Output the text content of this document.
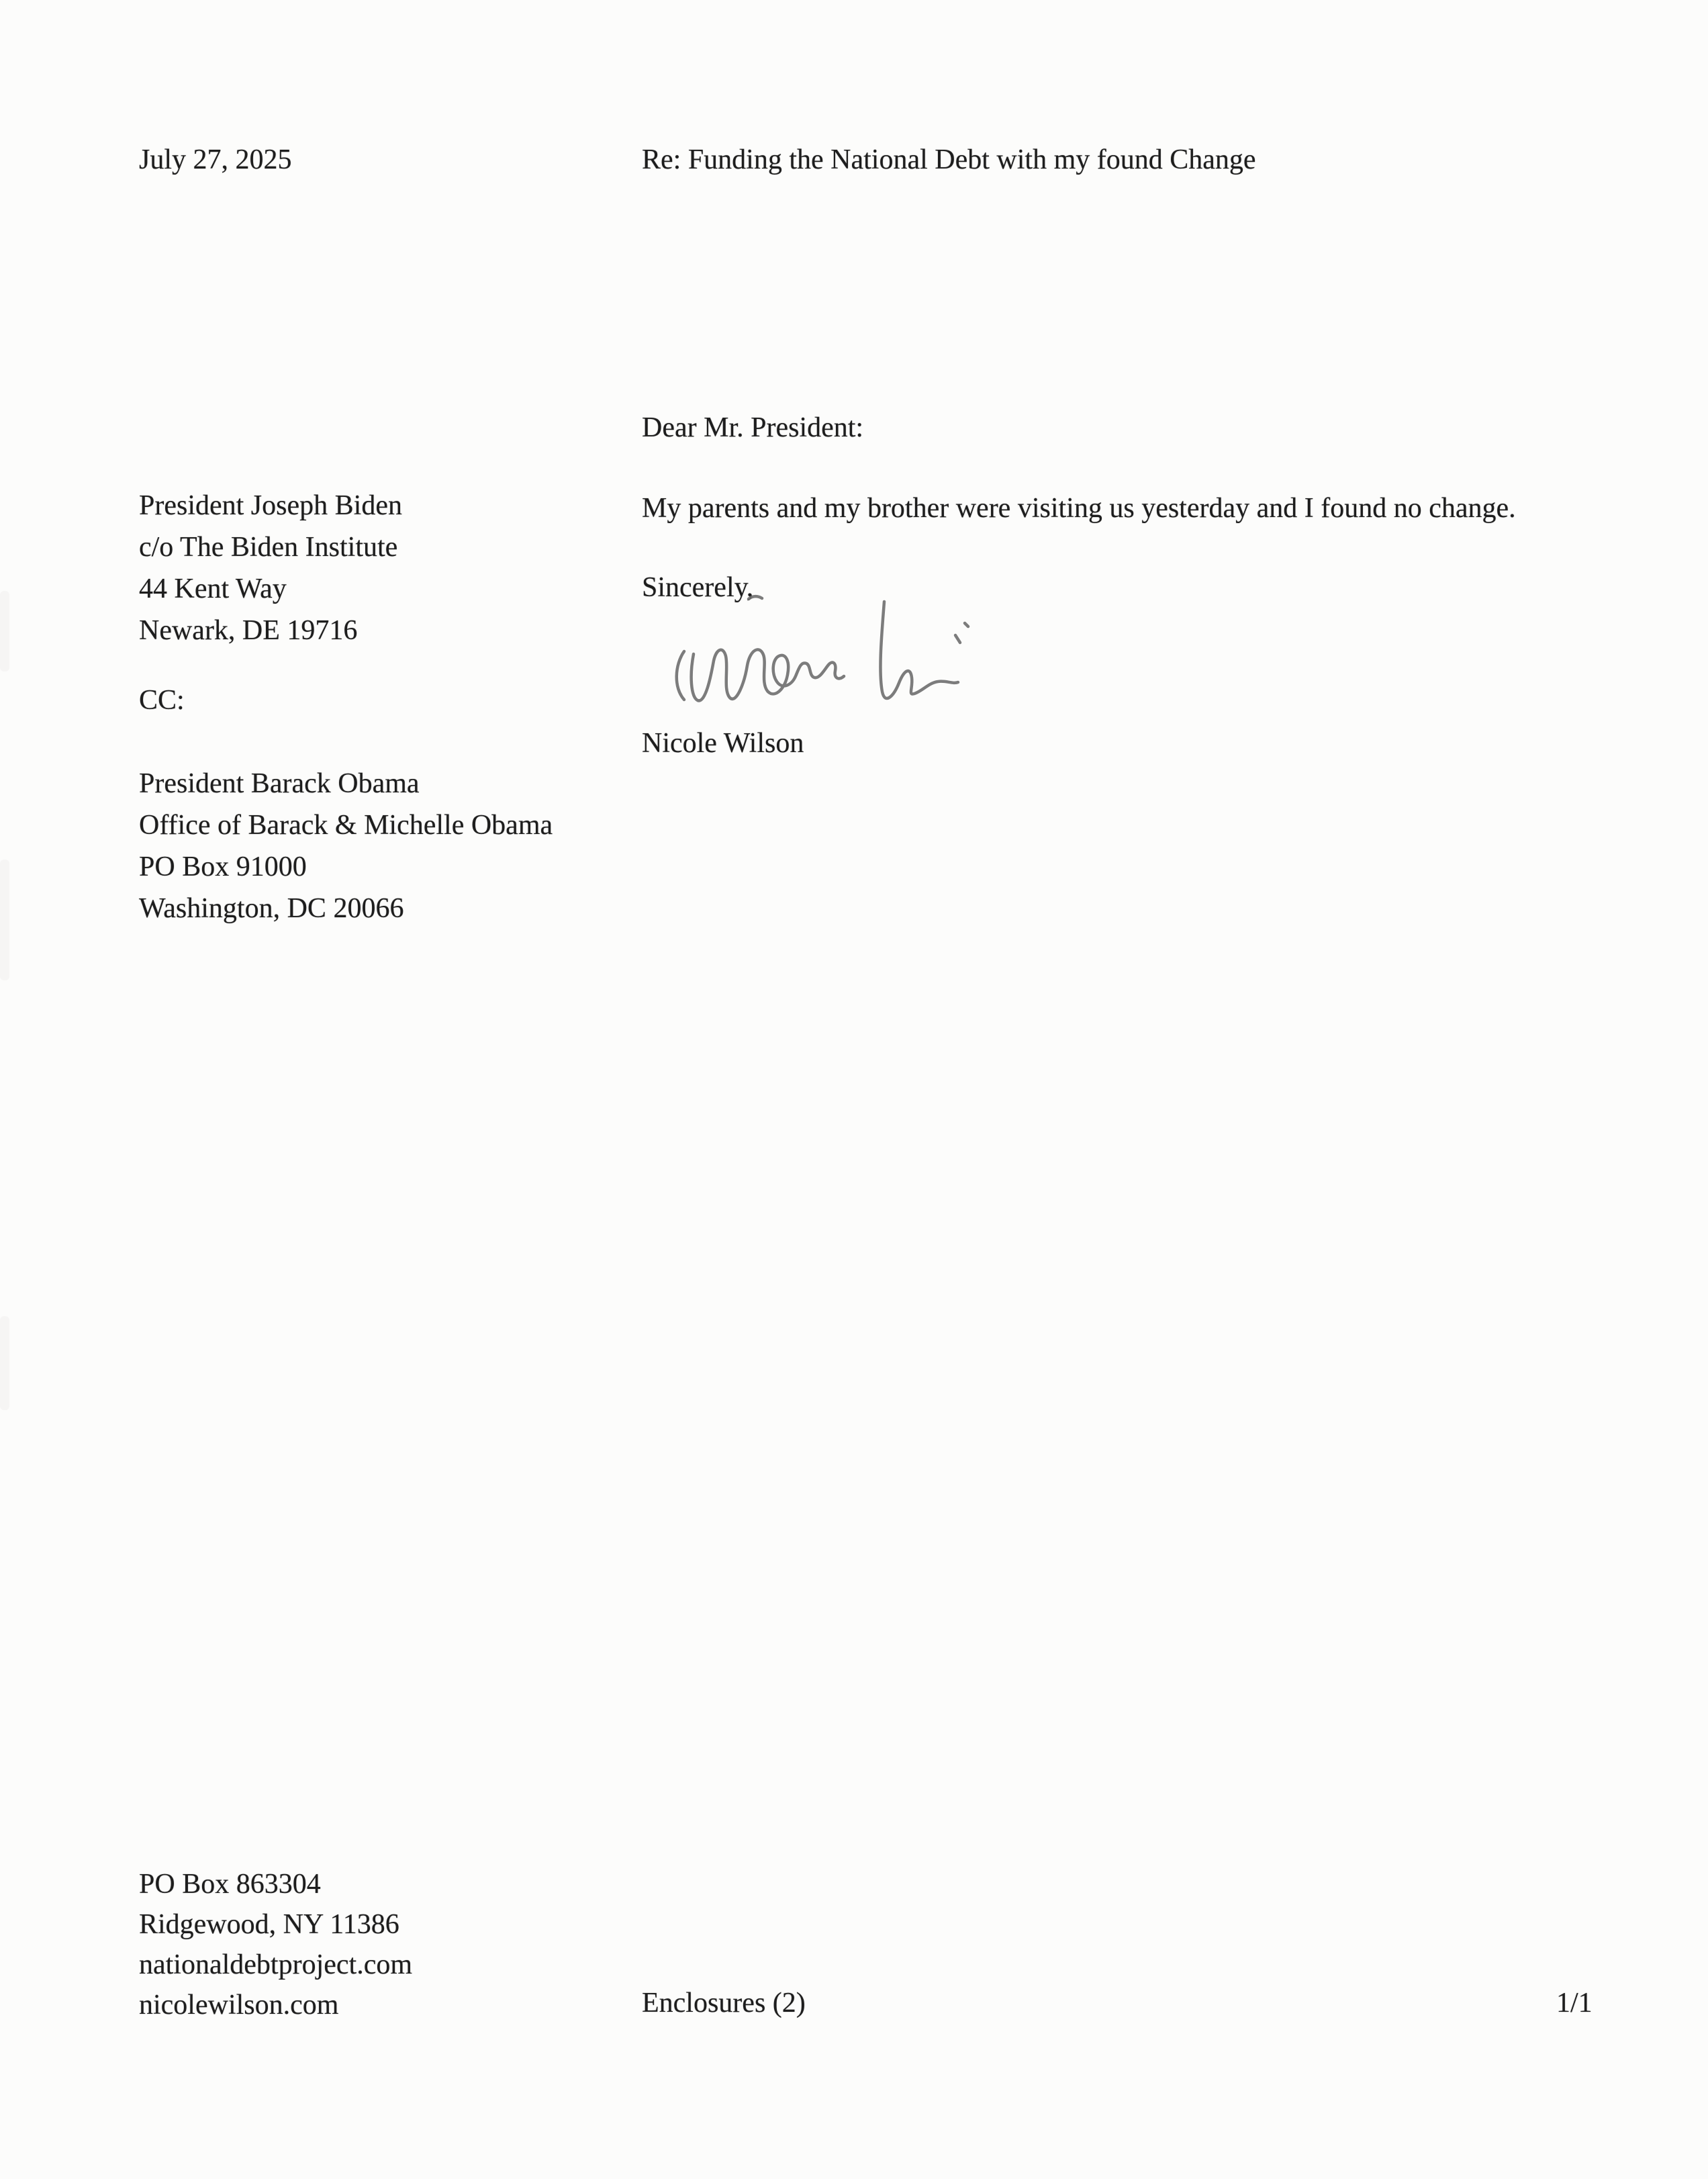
July 27, 2025	Re: Funding the National Debt with my found Change
Dear Mr. President:
My parents and my brother were visiting us yesterday and I found no change.
Sincerely,
Nicole Wilson
President Joseph Biden
c/o The Biden Institute
44 Kent Way
Newark, DE 19716
CC:
President Barack Obama
Office of Barack & Michelle Obama
PO Box 91000
Washington, DC 20066
PO Box 863304
Ridgewood, NY 11386
nationaldebtproject.com
nicolewilson.com	Enclosures (2)	1/1
